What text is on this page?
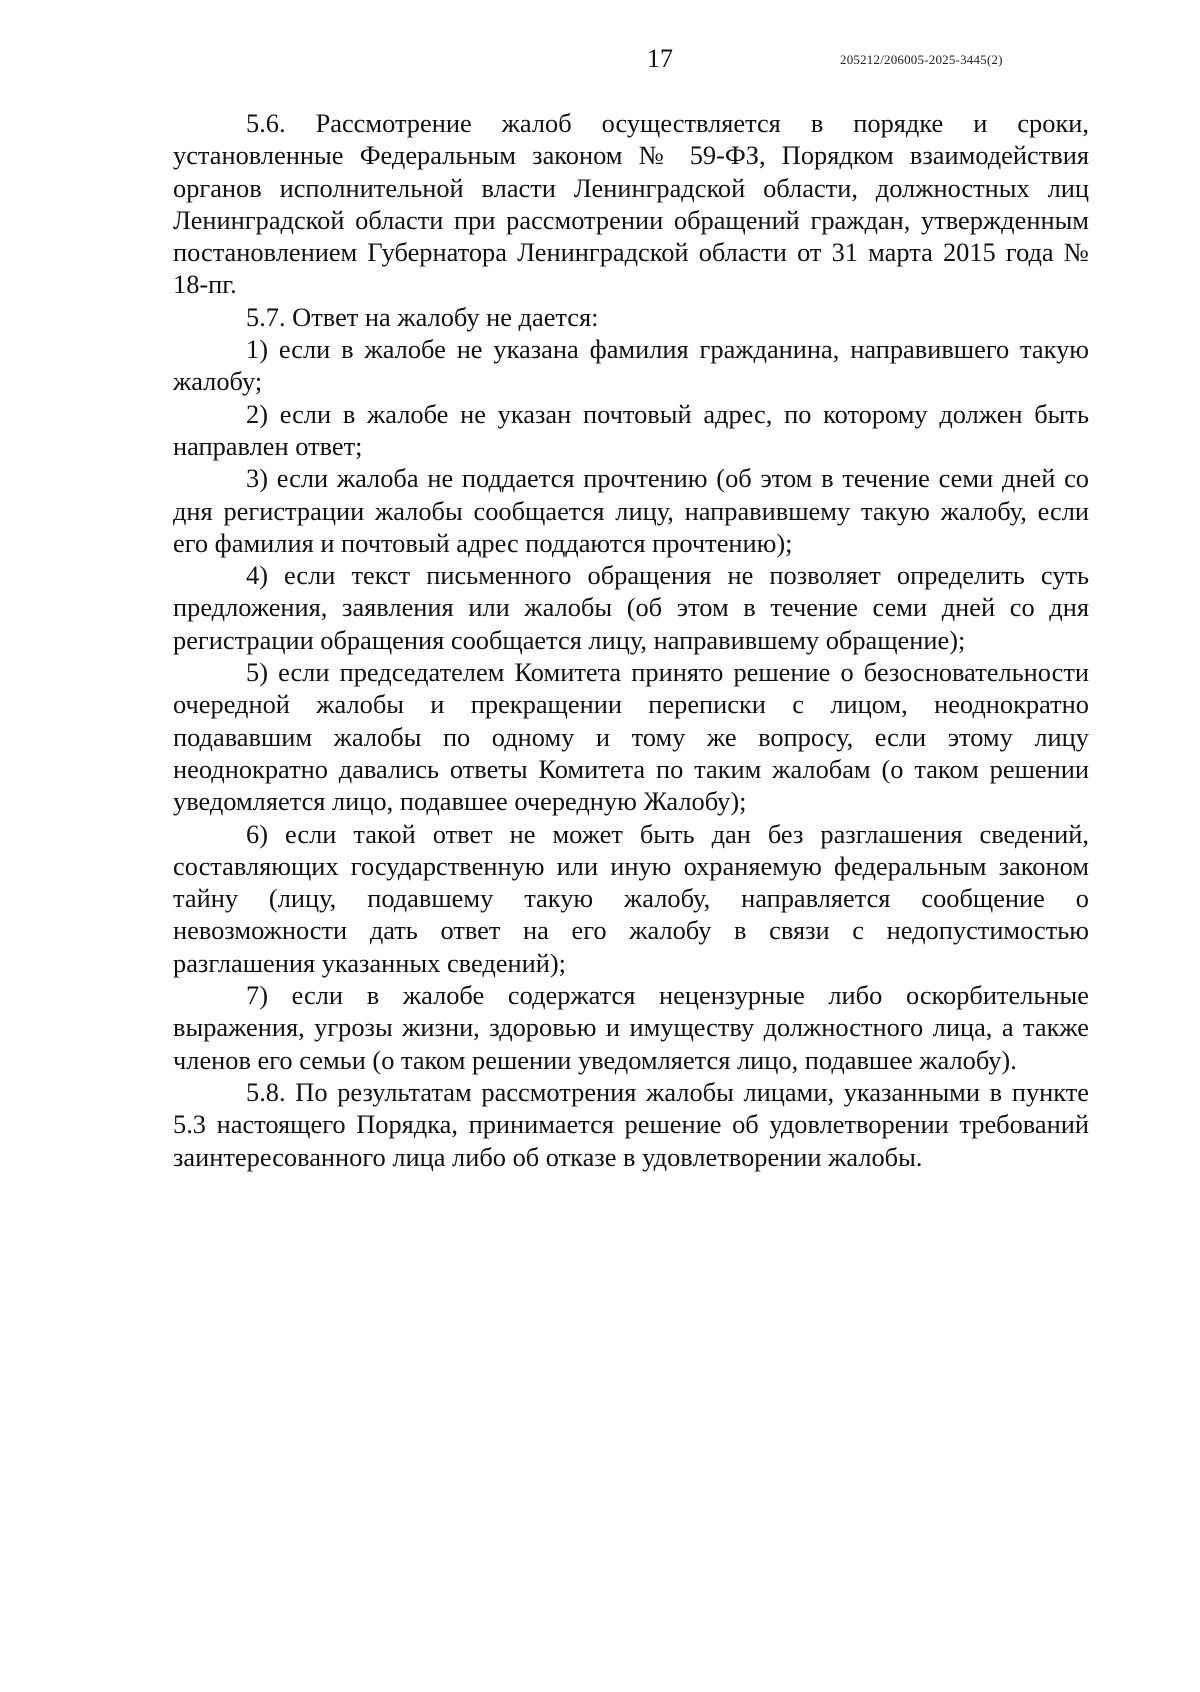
17	205212/206005-2025-3445(2)

5.6. Рассмотрение жалоб осуществляется в порядке и сроки, установленные Федеральным законом № 59-ФЗ, Порядком взаимодействия органов исполнительной власти Ленинградской области, должностных лиц Ленинградской области при рассмотрении обращений граждан, утвержденным постановлением Губернатора Ленинградской области от 31 марта 2015 года № 18-пг.

5.7. Ответ на жалобу не дается:

1) если в жалобе не указана фамилия гражданина, направившего такую жалобу;

2) если в жалобе не указан почтовый адрес, по которому должен быть направлен ответ;

3) если жалоба не поддается прочтению (об этом в течение семи дней со дня регистрации жалобы сообщается лицу, направившему такую жалобу, если его фамилия и почтовый адрес поддаются прочтению);

4) если текст письменного обращения не позволяет определить суть предложения, заявления или жалобы (об этом в течение семи дней со дня регистрации обращения сообщается лицу, направившему обращение);

5) если председателем Комитета принято решение о безосновательности очередной жалобы и прекращении переписки с лицом, неоднократно подававшим жалобы по одному и тому же вопросу, если этому лицу неоднократно давались ответы Комитета по таким жалобам (о таком решении уведомляется лицо, подавшее очередную Жалобу);

6) если такой ответ не может быть дан без разглашения сведений, составляющих государственную или иную охраняемую федеральным законом тайну (лицу, подавшему такую жалобу, направляется сообщение о невозможности дать ответ на его жалобу в связи с недопустимостью разглашения указанных сведений);

7) если в жалобе содержатся нецензурные либо оскорбительные выражения, угрозы жизни, здоровью и имуществу должностного лица, а также членов его семьи (о таком решении уведомляется лицо, подавшее жалобу).

5.8. По результатам рассмотрения жалобы лицами, указанными в пункте 5.3 настоящего Порядка, принимается решение об удовлетворении требований заинтересованного лица либо об отказе в удовлетворении жалобы.
